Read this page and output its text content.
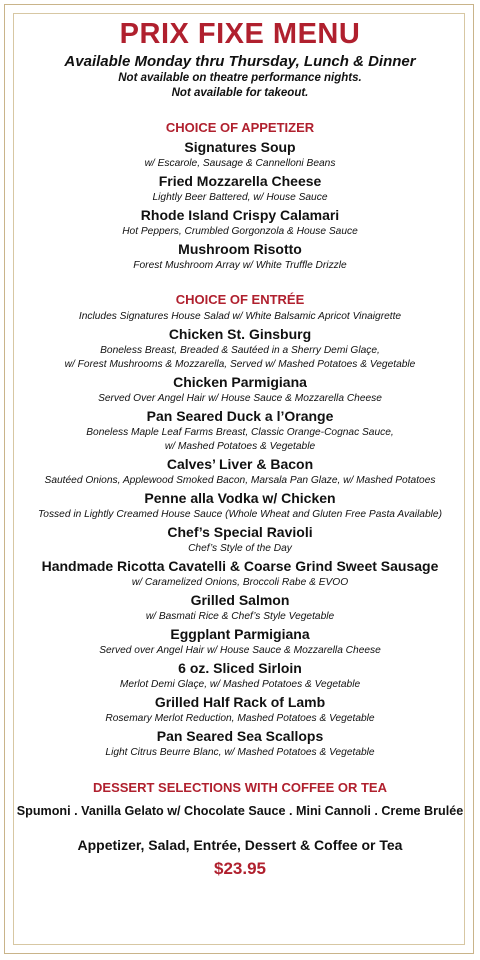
PRIX FIXE MENU
Available Monday thru Thursday, Lunch & Dinner
Not available on theatre performance nights.
Not available for takeout.
CHOICE OF APPETIZER
Signatures Soup
w/ Escarole, Sausage & Cannelloni Beans
Fried Mozzarella Cheese
Lightly Beer Battered, w/ House Sauce
Rhode Island Crispy Calamari
Hot Peppers, Crumbled Gorgonzola & House Sauce
Mushroom Risotto
Forest Mushroom Array w/ White Truffle Drizzle
CHOICE OF ENTRÉE
Includes Signatures House Salad w/ White Balsamic Apricot Vinaigrette
Chicken St. Ginsburg
Boneless Breast, Breaded & Sautéed in a Sherry Demi Glaçe,
w/ Forest Mushrooms & Mozzarella, Served w/ Mashed Potatoes & Vegetable
Chicken Parmigiana
Served Over Angel Hair w/ House Sauce & Mozzarella Cheese
Pan Seared Duck a l’Orange
Boneless Maple Leaf Farms Breast, Classic Orange-Cognac Sauce,
w/ Mashed Potatoes & Vegetable
Calves’ Liver & Bacon
Sautéed Onions, Applewood Smoked Bacon, Marsala Pan Glaze, w/ Mashed Potatoes
Penne alla Vodka w/ Chicken
Tossed in Lightly Creamed House Sauce (Whole Wheat and Gluten Free Pasta Available)
Chef’s Special Ravioli
Chef’s Style of the Day
Handmade Ricotta Cavatelli & Coarse Grind Sweet Sausage
w/ Caramelized Onions, Broccoli Rabe & EVOO
Grilled Salmon
w/ Basmati Rice & Chef’s Style Vegetable
Eggplant Parmigiana
Served over Angel Hair w/ House Sauce & Mozzarella Cheese
6 oz. Sliced Sirloin
Merlot Demi Glaçe, w/ Mashed Potatoes & Vegetable
Grilled Half Rack of Lamb
Rosemary Merlot Reduction, Mashed Potatoes & Vegetable
Pan Seared Sea Scallops
Light Citrus Beurre Blanc, w/ Mashed Potatoes & Vegetable
DESSERT SELECTIONS WITH COFFEE OR TEA
Spumoni . Vanilla Gelato w/ Chocolate Sauce . Mini Cannoli . Creme Brulée
Appetizer, Salad, Entrée, Dessert & Coffee or Tea
$23.95
